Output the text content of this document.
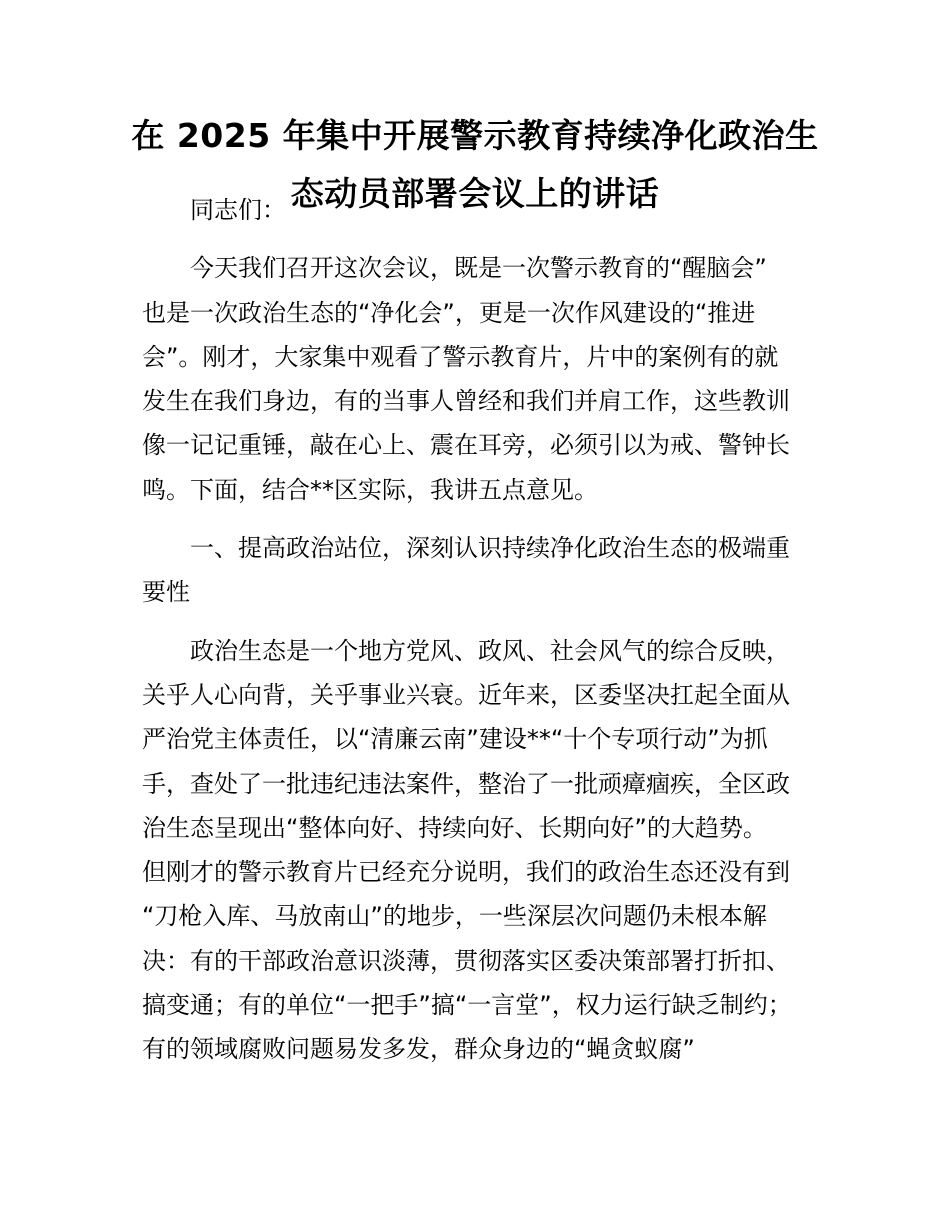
在 2025 年集中开展警示教育持续净化政治生
态动员部署会议上的讲话
同志们：
今天我们召开这次会议，既是一次警示教育的“醒脑会”
也是一次政治生态的“净化会”，更是一次作风建设的“推进
会”。刚才，大家集中观看了警示教育片，片中的案例有的就
发生在我们身边，有的当事人曾经和我们并肩工作，这些教训
像一记记重锤，敲在心上、震在耳旁，必须引以为戒、警钟长
鸣。下面，结合**区实际，我讲五点意见。
一、提高政治站位，深刻认识持续净化政治生态的极端重
要性
政治生态是一个地方党风、政风、社会风气的综合反映，
关乎人心向背，关乎事业兴衰。近年来，区委坚决扛起全面从
严治党主体责任，以“清廉云南”建设**“十个专项行动”为抓
手，查处了一批违纪违法案件，整治了一批顽瘴痼疾，全区政
治生态呈现出“整体向好、持续向好、长期向好”的大趋势。
但刚才的警示教育片已经充分说明，我们的政治生态还没有到
“刀枪入库、马放南山”的地步，一些深层次问题仍未根本解
决：有的干部政治意识淡薄，贯彻落实区委决策部署打折扣、
搞变通；有的单位“一把手”搞“一言堂”，权力运行缺乏制约；
有的领域腐败问题易发多发，群众身边的“蝇贪蚁腐”
